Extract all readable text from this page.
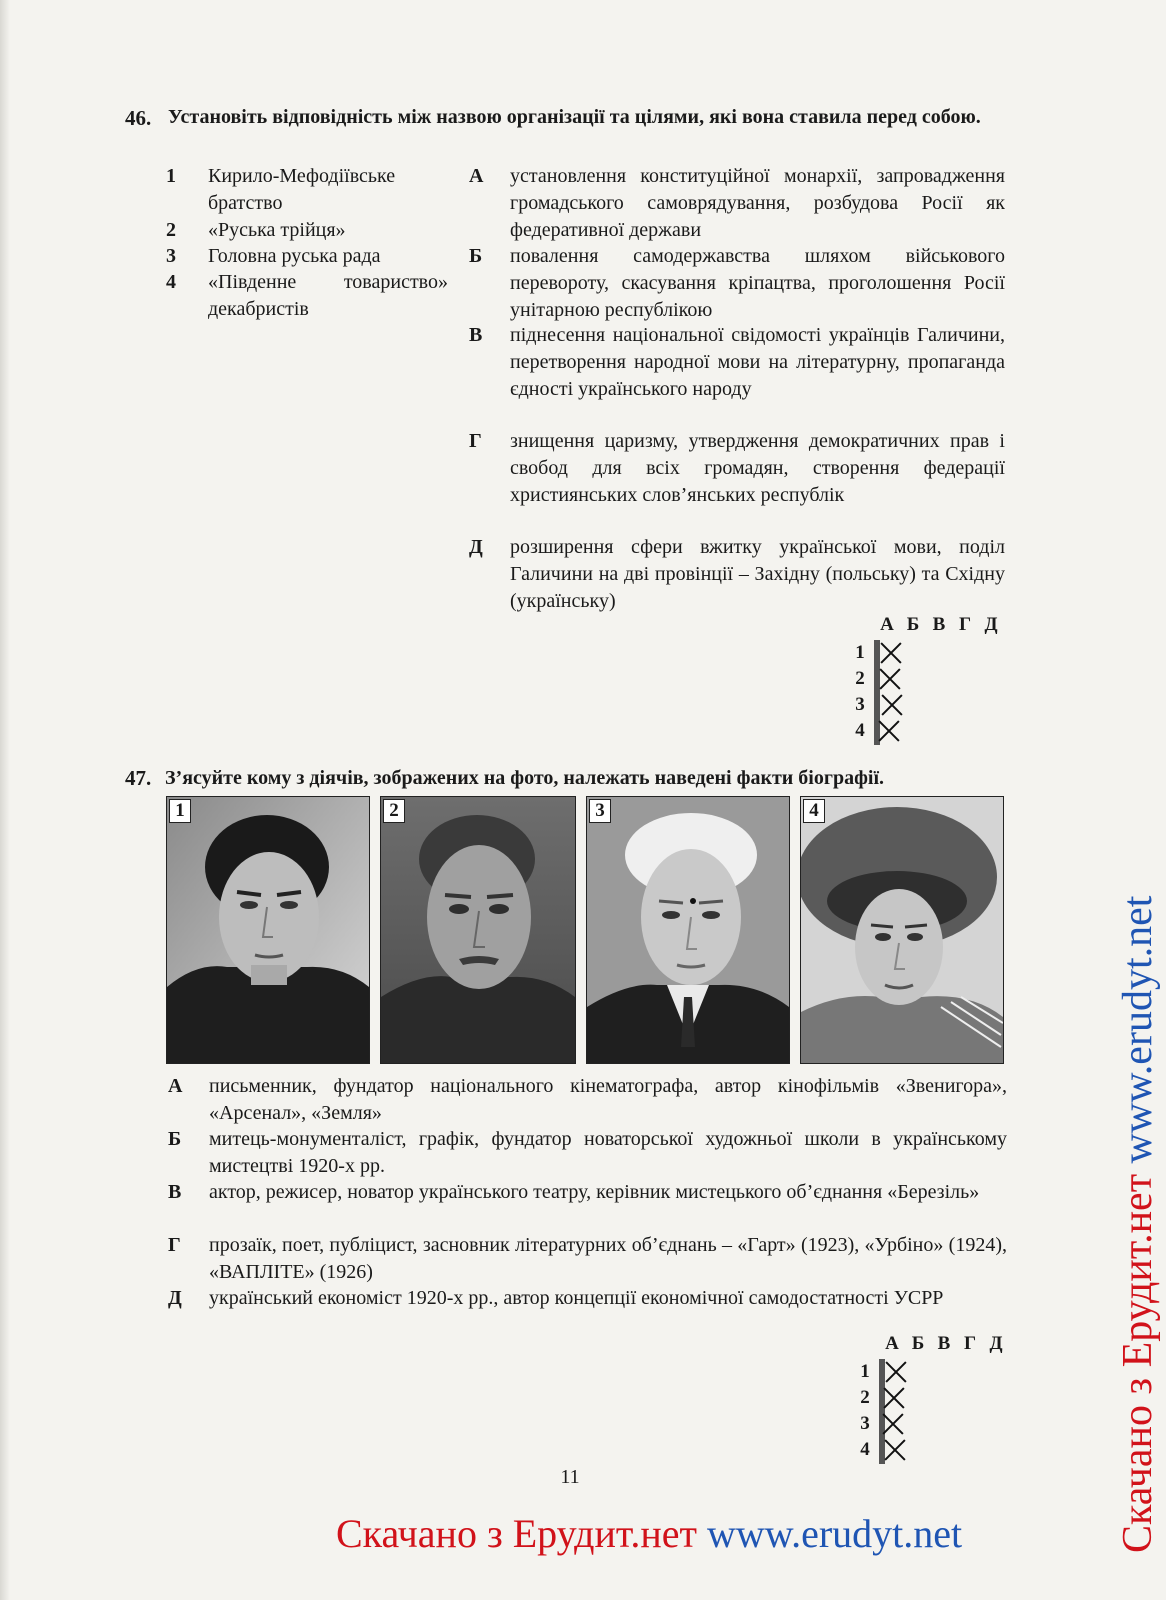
46. Установіть відповідність між назвою організації та цілями, які вона ставила перед собою.
1 Кирило-Мефодіївське братство
2 «Руська трійця»
3 Головна руська рада
4 «Південне товариство» декабристів
А установлення конституційної монархії, запровадження громадського самоврядування, розбудова Росії як федеративної держави
Б повалення самодержавства шляхом військового перевороту, скасування кріпацтва, проголошення Росії унітарною республікою
В піднесення національної свідомості українців Галичини, перетворення народної мови на літературну, пропаганда єдності українського народу
Г знищення царизму, утвердження демократичних прав і свобод для всіх громадян, створення федерації християнських слов’янських республік
Д розширення сфери вжитку української мови, поділ Галичини на дві провінції – Західну (польську) та Східну (українську)
А Б В Г Д
1
2
3
4

47. З’ясуйте кому з діячів, зображених на фото, належать наведені факти біографії.
1	2	3	4
А письменник, фундатор національного кінематографа, автор кінофільмів «Звенигора», «Арсенал», «Земля»
Б митець-монументаліст, графік, фундатор новаторської художньої школи в українському мистецтві 1920-х рр.
В актор, режисер, новатор українського театру, керівник мистецького об’єднання «Березіль»
Г прозаїк, поет, публіцист, засновник літературних об’єднань – «Гарт» (1923), «Урбіно» (1924), «ВАПЛІТЕ» (1926)
Д український економіст 1920-х рр., автор концепції економічної самодостатності УСРР
А Б В Г Д
1
2
3
4

11
Скачано з Ерудит.нет www.erudyt.net	Скачано з Ерудит.нет www.erudyt.net
